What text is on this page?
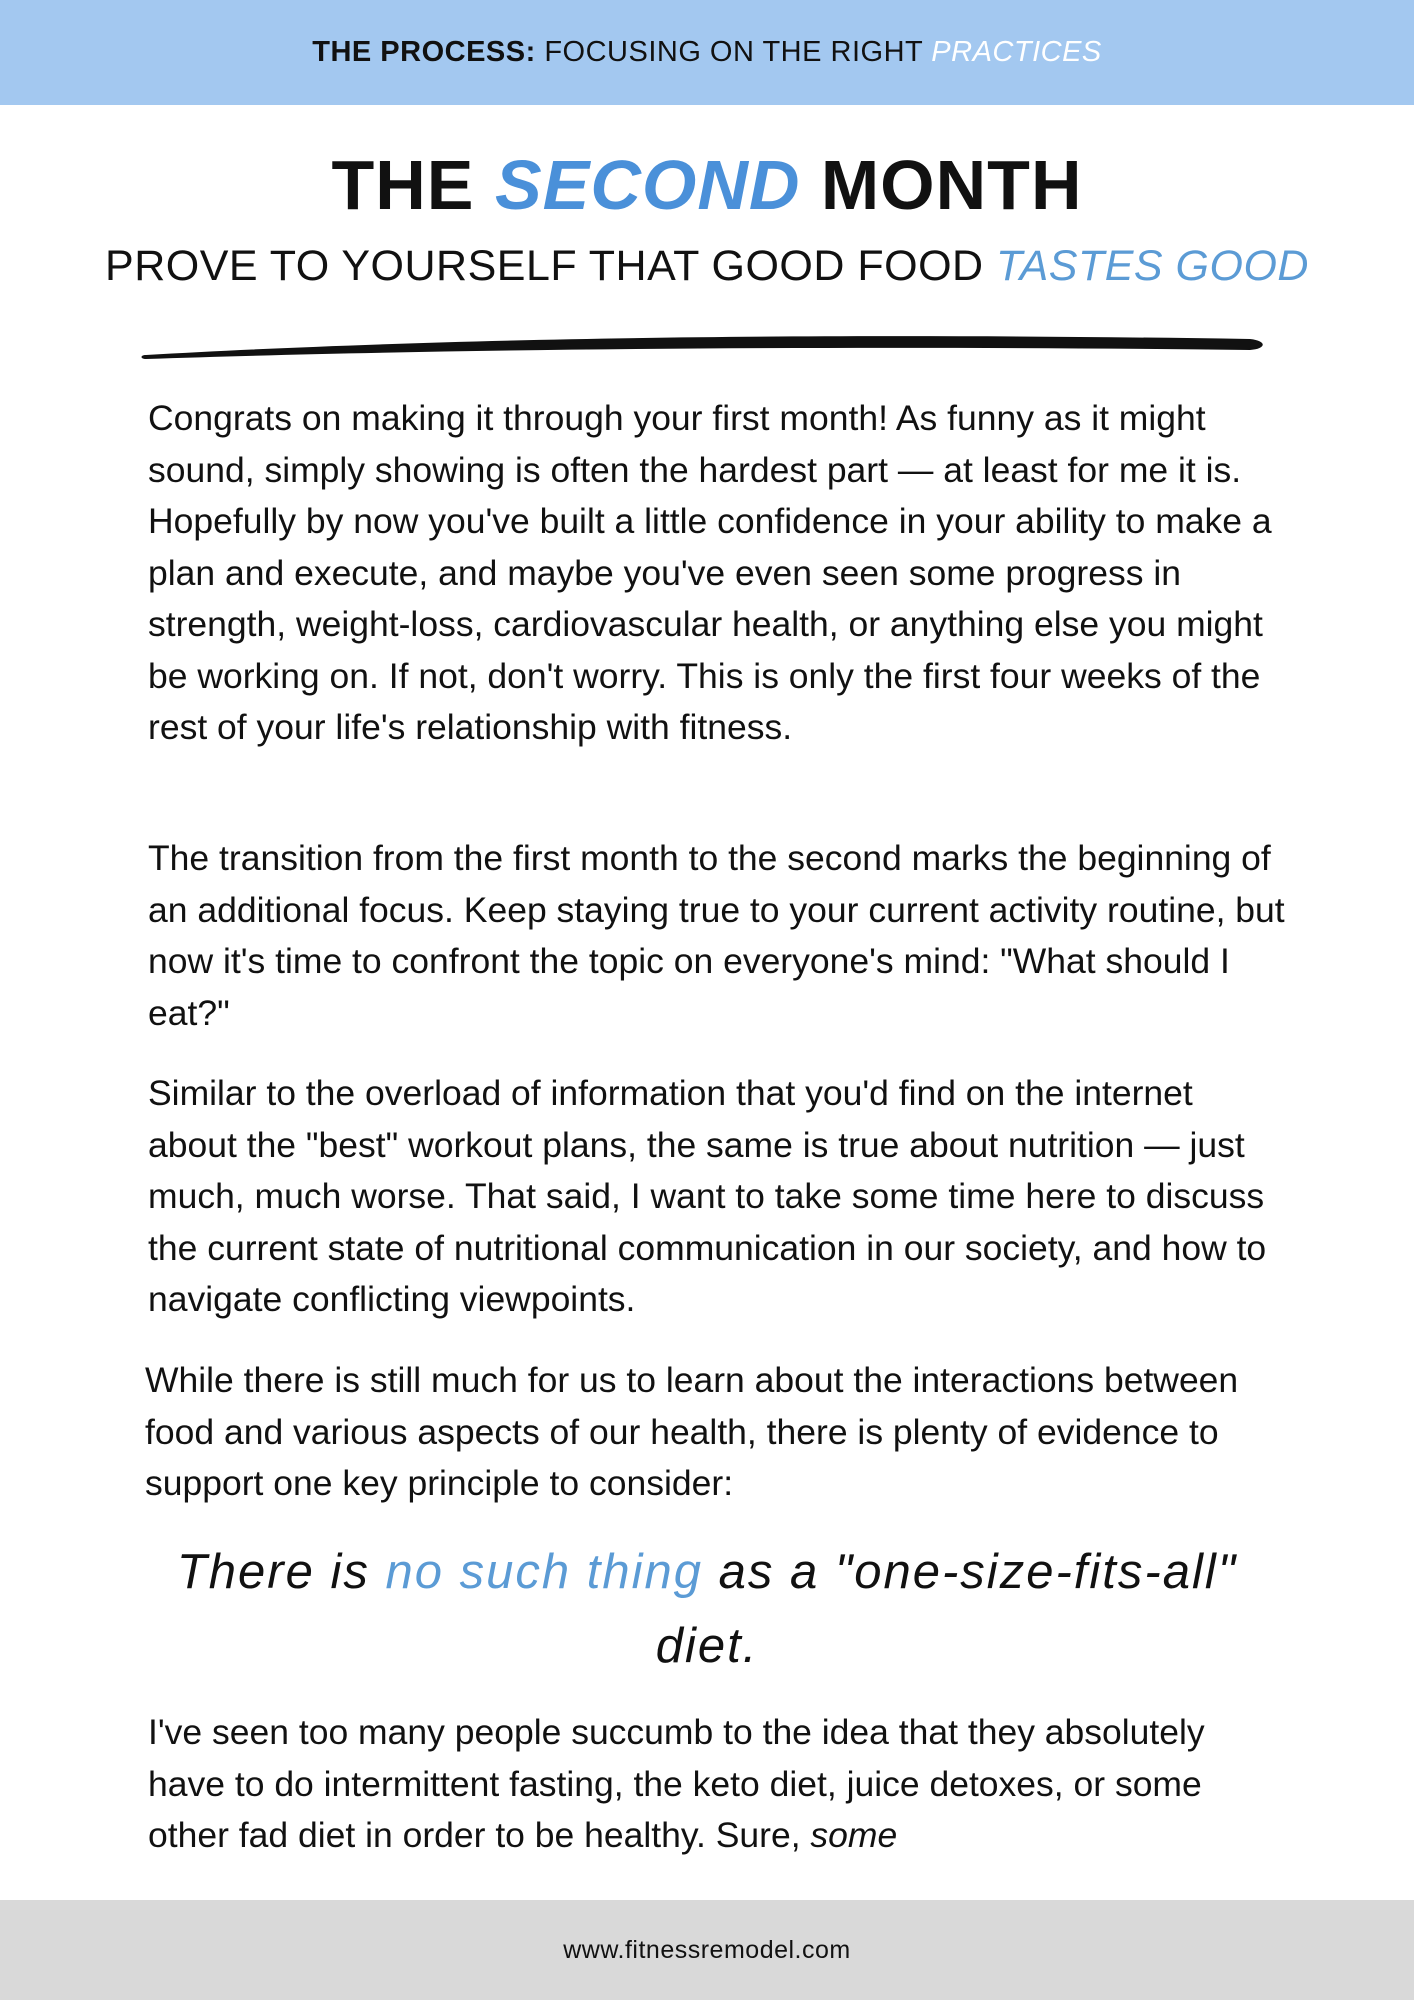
THE PROCESS: FOCUSING ON THE RIGHT PRACTICES
THE SECOND MONTH
PROVE TO YOURSELF THAT GOOD FOOD TASTES GOOD

Congrats on making it through your first month! As funny as it might sound, simply showing is often the hardest part — at least for me it is. Hopefully by now you've built a little confidence in your ability to make a plan and execute, and maybe you've even seen some progress in strength, weight-loss, cardiovascular health, or anything else you might be working on. If not, don't worry. This is only the first four weeks of the rest of your life's relationship with fitness.

The transition from the first month to the second marks the beginning of an additional focus. Keep staying true to your current activity routine, but now it's time to confront the topic on everyone's mind: "What should I eat?"

Similar to the overload of information that you'd find on the internet about the "best" workout plans, the same is true about nutrition — just much, much worse. That said, I want to take some time here to discuss the current state of nutritional communication in our society, and how to navigate conflicting viewpoints.

While there is still much for us to learn about the interactions between food and various aspects of our health, there is plenty of evidence to support one key principle to consider:

There is no such thing as a "one-size-fits-all" diet.

I've seen too many people succumb to the idea that they absolutely have to do intermittent fasting, the keto diet, juice detoxes, or some other fad diet in order to be healthy. Sure, some

www.fitnessremodel.com
